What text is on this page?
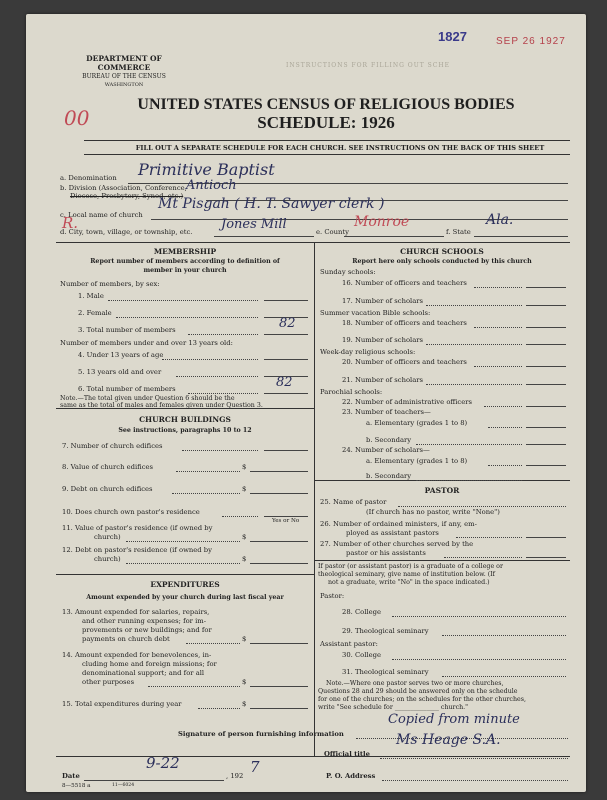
DEPARTMENT OF COMMERCE
BUREAU OF THE CENSUS
WASHINGTON
INSTRUCTIONS FOR FILLING OUT SCHE
1827	SEP 26 1927
UNITED STATES CENSUS OF RELIGIOUS BODIES
SCHEDULE: 1926
00
R.
FILL OUT A SEPARATE SCHEDULE FOR EACH CHURCH. SEE INSTRUCTIONS ON THE BACK OF THIS SHEET
a. Denomination Primitive Baptist
b. Division (Association, Conference,
Diocese, Presbytery, Synod, etc.)
Antioch
c. Local name of church
Mt Pisgah ( H. T. Sawyer clerk )
d. City, town, village, or township, etc. Jones Mill	e. County
Monroe
f. State
Ala.
MEMBERSHIP
Report number of members according to definition of
member in your church
Number of members, by sex:
1. Male
2. Female
3. Total number of members	82
Number of members under and over 13 years old:
4. Under 13 years of age
5. 13 years old and over
6. Total number of members	82
Note.—The total given under Question 6 should be the
same as the total of males and females given under Question 3.
CHURCH BUILDINGS
See instructions, paragraphs 10 to 12
7. Number of church edifices
8. Value of church edifices	$
9. Debt on church edifices	$
10. Does church own pastor's residence
Yes or No
11. Value of pastor's residence (if owned by
church)	$
12. Debt on pastor's residence (if owned by
church)	$
EXPENDITURES
Amount expended by your church during last fiscal year
13. Amount expended for salaries, repairs,
and other running expenses; for im-
provements or new buildings; and for
payments on church debt	$
14. Amount expended for benevolences, in-
cluding home and foreign missions; for
denominational support; and for all
other purposes	$
15. Total expenditures during year	$
CHURCH SCHOOLS
Report here only schools conducted by this church
Sunday schools:
16. Number of officers and teachers
17. Number of scholars
Summer vacation Bible schools:
18. Number of officers and teachers
19. Number of scholars
Week-day religious schools:
20. Number of officers and teachers
21. Number of scholars
Parochial schools:
22. Number of administrative officers
23. Number of teachers—
a. Elementary (grades 1 to 8)
b. Secondary
24. Number of scholars—
a. Elementary (grades 1 to 8)
b. Secondary
PASTOR
25. Name of pastor
(If church has no pastor, write "None")
26. Number of ordained ministers, if any, em-
ployed as assistant pastors
27. Number of other churches served by the
pastor or his assistants
If pastor (or assistant pastor) is a graduate of a college or
theological seminary, give name of institution below. (If
not a graduate, write "No" in the space indicated.)
Pastor:
28. College
29. Theological seminary
Assistant pastor:
30. College
31. Theological seminary
Note.—Where one pastor serves two or more churches,
Questions 28 and 29 should be answered only on the schedule
for one of the churches; on the schedules for the other churches,
write "See schedule for ______________ church."
Signature of person furnishing information
Copied from minute
Official title
Ms Heage S.A.
Date
9-22
, 192 7	P. O. Address
8—5518 a	11—6024
